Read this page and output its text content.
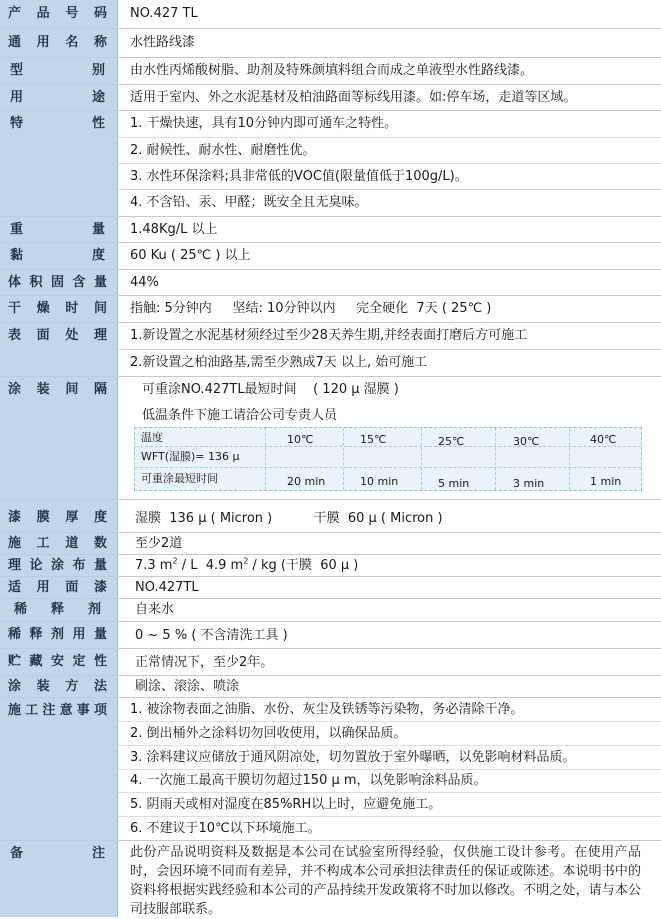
产品号码 NO.427 TL
通用名称 水性路线漆
型别 由水性丙烯酸树脂、助剂及特殊颜填料组合而成之单液型水性路线漆。
用途 适用于室内、外之水泥基材及柏油路面等标线用漆。如:停车场，走道等区域。
特性 1. 干燥快速，具有10分钟内即可通车之特性。
2. 耐候性、耐水性、耐磨性优。
3. 水性环保涂料;具非常低的VOC值(限量值低于100g/L)。
4. 不含铅、汞、甲醛；既安全且无臭味。
重量 1.48Kg/L 以上
黏度 60 Ku ( 25℃ ) 以上
体积固含量 44%
干燥时间 指触: 5分钟内     坚结: 10分钟以内     完全硬化  7天 ( 25℃ )
表面处理 1.新设置之水泥基材须经过至少28天养生期,并经表面打磨后方可施工
2.新设置之柏油路基,需至少熟成7天 以上, 始可施工
涂装间隔	可重涂NO.427TL最短时间    ( 120 μ 湿膜 )
低温条件下施工请洽公司专责人员
温度	10℃	15℃	25℃	30℃	40℃
WFT(湿膜)= 136 μ
可重涂最短时间	20 min	10 min	5 min	3 min	1 min
漆膜厚度 湿膜  136 μ ( Micron )          干膜  60 μ ( Micron )
施工道数 至少2道
理论涂布量 7.3 $m^2$ / L  4.9 $m^2$ / kg (干膜  60 μ )
适用面漆 NO.427TL
稀释剂	自来水
稀释剂用量 0 ~ 5 % ( 不含清洗工具 )
贮藏安定性 正常情况下，至少2年。
涂装方法 刷涂、滚涂、喷涂
施工注意事项 1. 被涂物表面之油脂、水份、灰尘及铁锈等污染物，务必清除干净。
2. 倒出桶外之涂料切勿回收使用，以确保品质。
3. 涂料建议应储放于通风阴凉处，切勿置放于室外曝晒，以免影响材料品质。
4. 一次施工最高干膜切勿超过150 μ m，以免影响涂料品质。
5. 阴雨天或相对湿度在85%RH以上时，应避免施工。
6. 不建议于10℃以下环境施工。
备注 此份产品说明资料及数据是本公司在试验室所得经验，仅供施工设计参考。在使用产品时，会因环境不同而有差异，并不构成本公司承担法律责任的保证或陈述。本说明书中的资料将根据实践经验和本公司的产品持续开发政策将不时加以修改。不明之处，请与本公司技服部联系。
